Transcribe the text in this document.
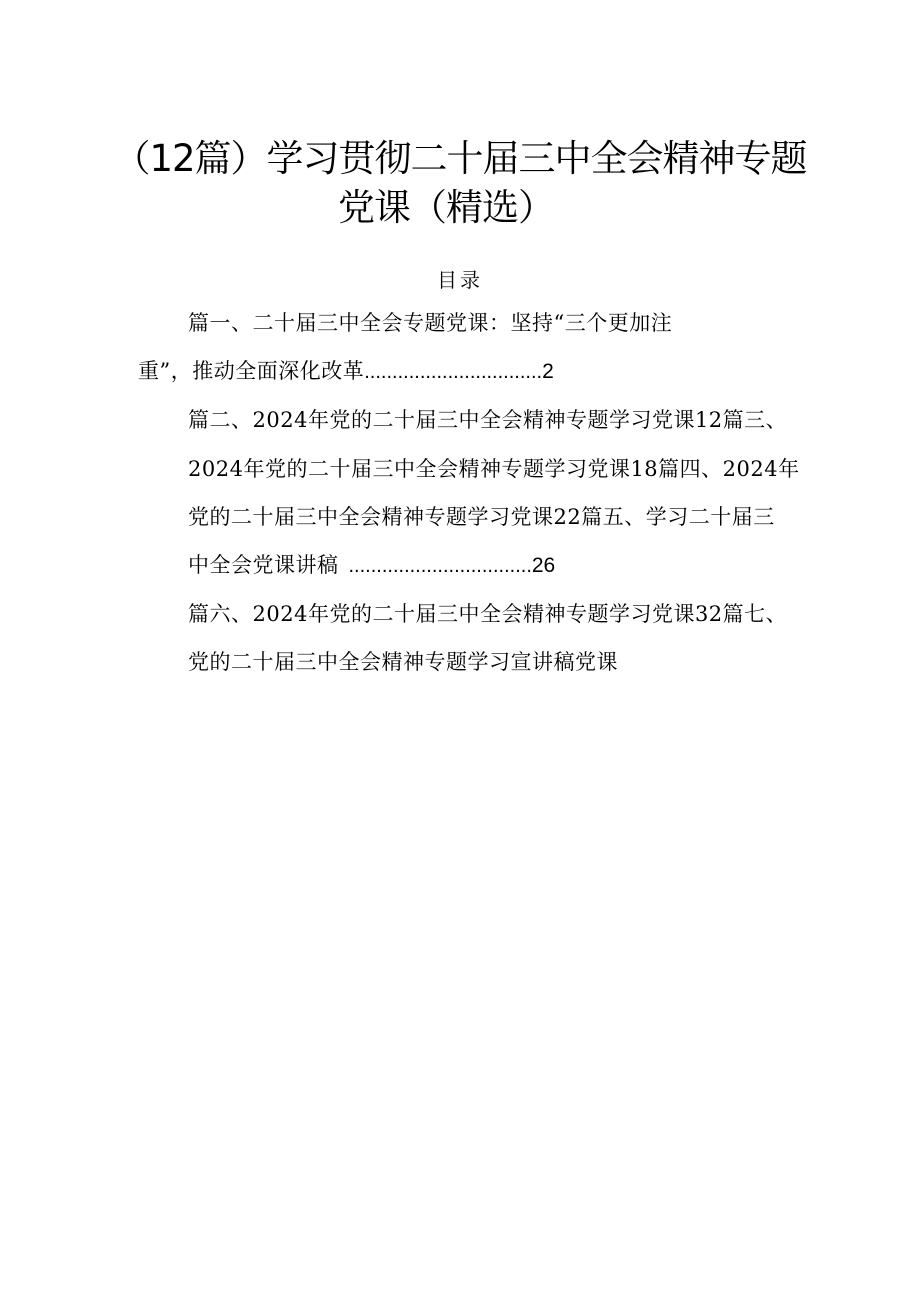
（12篇）学习贯彻二十届三中全会精神专题
党课（精选）
目录
篇一、二十届三中全会专题党课：坚持“三个更加注
重”，推动全面深化改革................................2
篇二、2024年党的二十届三中全会精神专题学习党课12篇三、
2024年党的二十届三中全会精神专题学习党课18篇四、2024年
党的二十届三中全会精神专题学习党课22篇五、学习二十届三
中全会党课讲稿 .................................26
篇六、2024年党的二十届三中全会精神专题学习党课32篇七、
党的二十届三中全会精神专题学习宣讲稿党课
